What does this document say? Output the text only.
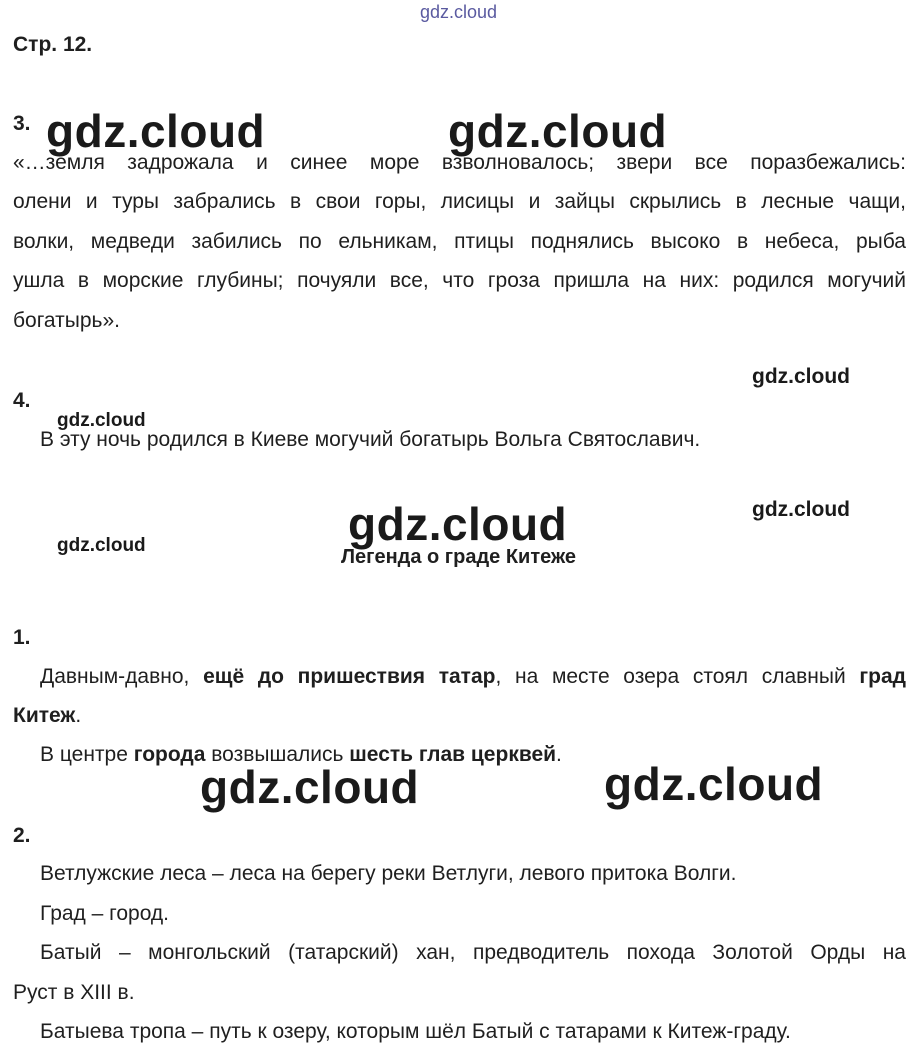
gdz.cloud
gdz.cloud	gdz.cloud
gdz.cloud
gdz.cloud
gdz.cloud
gdz.cloud
gdz.cloud
gdz.cloud	gdz.cloud
Стр. 12.
3.
«…земля задрожала и синее море взволновалось; звери все поразбежались:
олени и туры забрались в свои горы, лисицы и зайцы скрылись в лесные чащи,
волки, медведи забились по ельникам, птицы поднялись высоко в небеса, рыба
ушла в морские глубины; почуяли все, что гроза пришла на них: родился могучий
богатырь».
4.
В эту ночь родился в Киеве могучий богатырь Вольга Святославич.
Легенда о граде Китеже
1.
Давным-давно, ещё до пришествия татар, на месте озера стоял славный град
Китеж.
В центре города возвышались шесть глав церквей.
2.
Ветлужские леса – леса на берегу реки Ветлуги, левого притока Волги.
Град – город.
Батый – монгольский (татарский) хан, предводитель похода Золотой Орды на
Руст в XIII в.
Батыева тропа – путь к озеру, которым шёл Батый с татарами к Китеж-граду.
